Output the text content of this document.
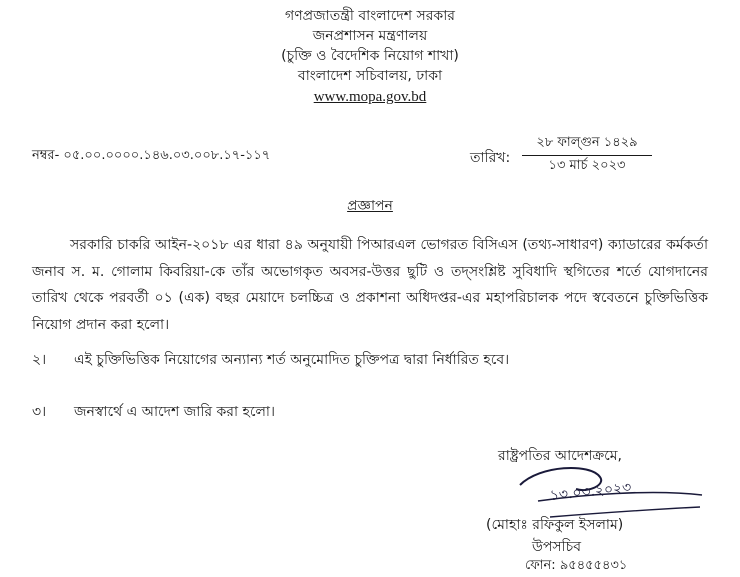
গণপ্রজাতন্ত্রী বাংলাদেশ সরকার
জনপ্রশাসন মন্ত্রণালয়
(চুক্তি ও বৈদেশিক নিয়োগ শাখা)
বাংলাদেশ সচিবালয়, ঢাকা
www.mopa.gov.bd
নম্বর- ০৫.০০.০০০০.১৪৬.০৩.০০৮.১৭-১১৭	তারিখ:
২৮ ফাল্গুন ১৪২৯
১৩ মার্চ ২০২৩
প্রজ্ঞাপন
সরকারি চাকরি আইন-২০১৮ এর ধারা ৪৯ অনুযায়ী পিআরএল ভোগরত বিসিএস (তথ্য-সাধারণ) ক্যাডারের কর্মকর্তা জনাব স. ম. গোলাম কিবরিয়া-কে তাঁর অভোগকৃত অবসর-উত্তর ছুটি ও তদ্‌সংশ্লিষ্ট সুবিধাদি স্থগিতের শর্তে যোগদানের তারিখ থেকে পরবর্তী ০১ (এক) বছর মেয়াদে চলচ্চিত্র ও প্রকাশনা অধিদপ্তর-এর মহাপরিচালক পদে স্ববেতনে চুক্তিভিত্তিক নিয়োগ প্রদান করা হলো।
২। এই চুক্তিভিত্তিক নিয়োগের অন্যান্য শর্ত অনুমোদিত চুক্তিপত্র দ্বারা নির্ধারিত হবে।
৩। জনস্বার্থে এ আদেশ জারি করা হলো।
রাষ্ট্রপতির আদেশক্রমে,
১৩.০৩.২০২৩
(মোহাঃ রফিকুল ইসলাম)
উপসচিব
ফোন: ৯৫৪৫৫৪৩১
